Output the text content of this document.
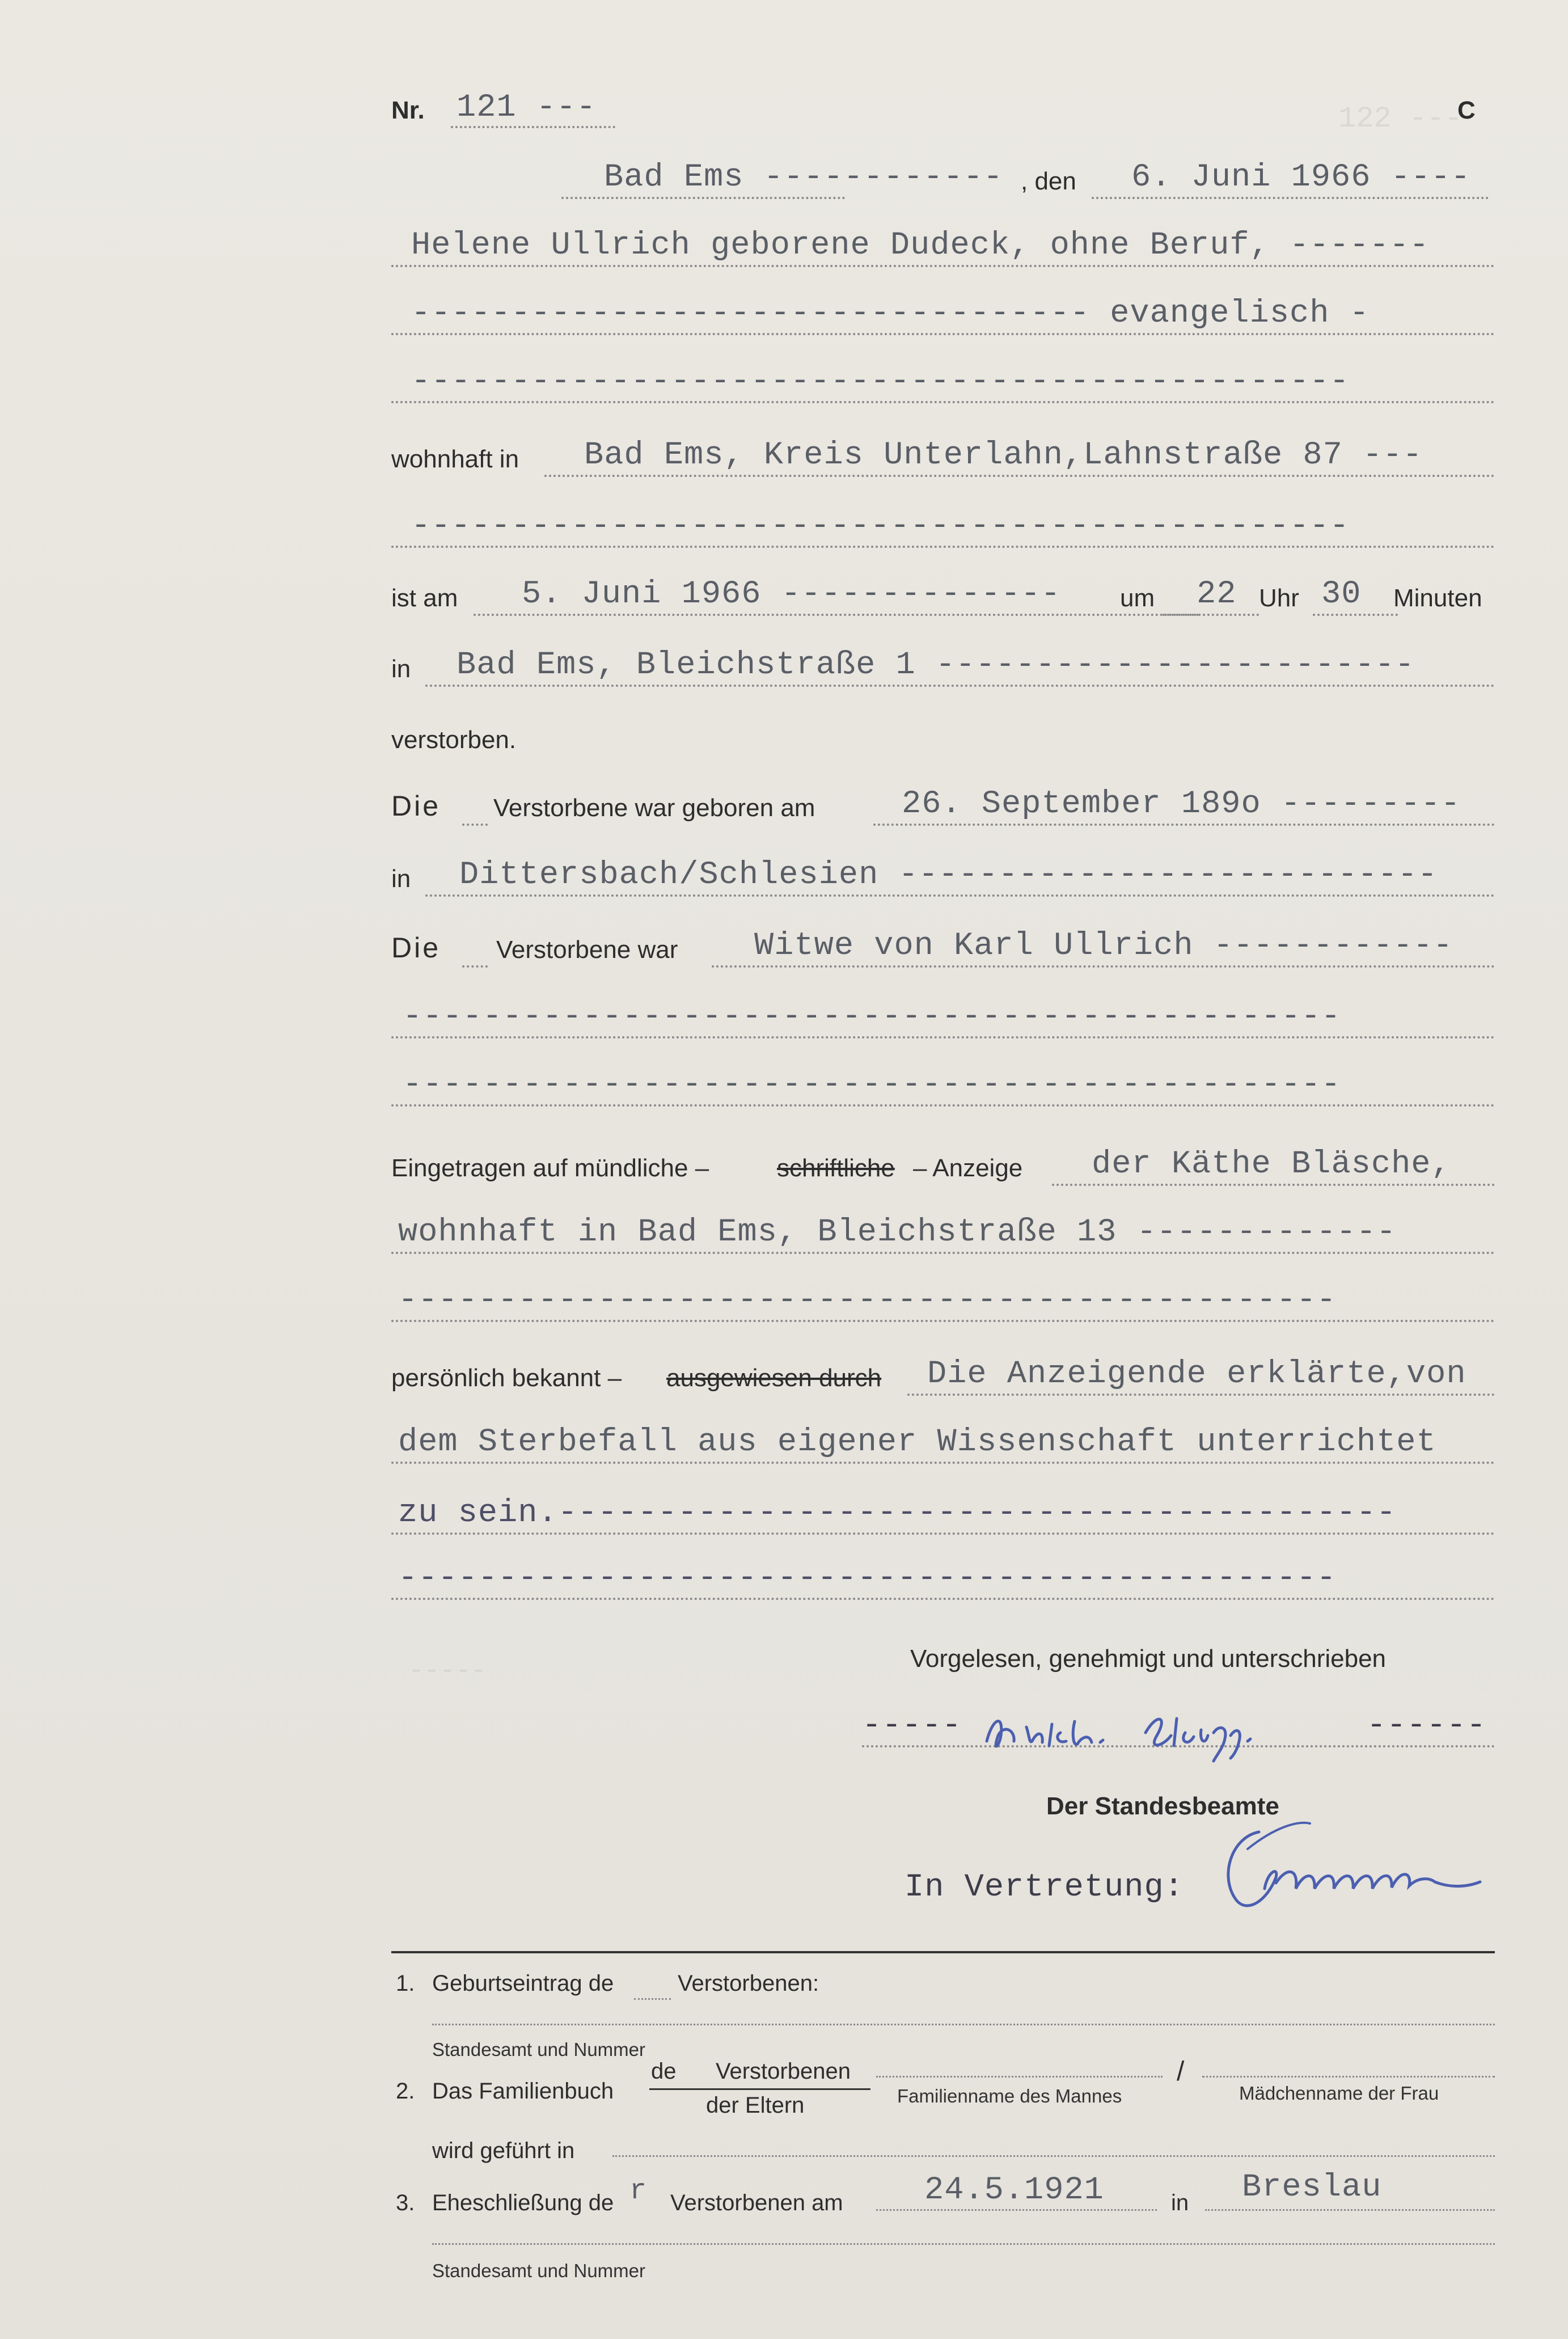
122 ---
-----
Nr. 121 ---	C
Bad Ems ------------ , den 6. Juni 1966 ----
Helene Ullrich geborene Dudeck, ohne Beruf, -------
---------------------------------- evangelisch -
-----------------------------------------------
wohnhaft in Bad Ems, Kreis Unterlahn,Lahnstraße 87 ---
-----------------------------------------------
ist am 5. Juni 1966 -------------- um 22 Uhr 30 Minuten
in Bad Ems, Bleichstraße 1 ------------------------
verstorben.
Die Verstorbene war geboren am	26. September 189o ---------
in Dittersbach/Schlesien ---------------------------
Die Verstorbene war Witwe von Karl Ullrich ------------
-----------------------------------------------
-----------------------------------------------
Eingetragen auf mündliche –	schriftliche – Anzeige der Käthe Bläsche,
wohnhaft in Bad Ems, Bleichstraße 13 -------------
-----------------------------------------------
persönlich bekannt – ausgewiesen durch Die Anzeigende erklärte,von
dem Sterbefall aus eigener Wissenschaft unterrichtet
zu sein.------------------------------------------
-----------------------------------------------
Vorgelesen, genehmigt und unterschrieben
-----	------
Der Standesbeamte
In Vertretung:
1. Geburtseintrag de	Verstorbenen:
Standesamt und Nummer
2. Das Familienbuch
de Verstorbenen
der Eltern
/
Familienname des Mannes	Mädchenname der Frau
wird geführt in
3. Eheschließung de r Verstorbenen am	24.5.1921	in Breslau
Standesamt und Nummer
